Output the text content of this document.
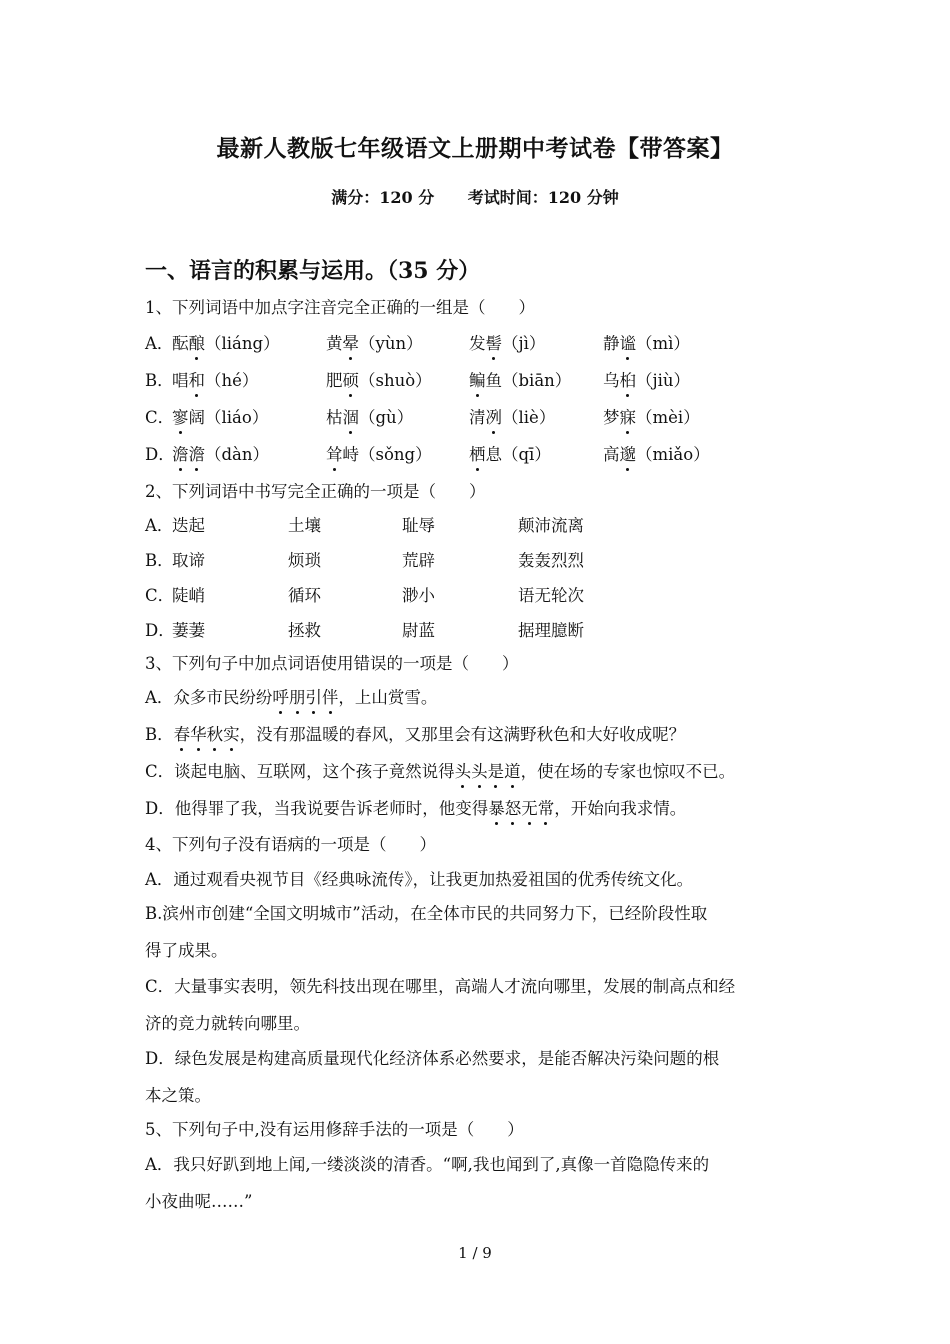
最新人教版七年级语文上册期中考试卷【带答案】
满分：120 分 考试时间：120 分钟
一、语言的积累与运用。（35 分）
1、下列词语中加点字注音完全正确的一组是（　　）
A．
酝酿（liáng）	黄晕（yùn）	发髻（jì）	静谧（mì）
B．
唱和（hé）	肥硕（shuò） 鳊鱼（biān） 乌桕（jiù）
C．
寥阔（liáo）	枯涸（gù）	清冽（liè）	梦寐（mèi）
D．
澹澹（dàn）	耸峙（sǒng） 栖息（qī）	高邈（miǎo）
2、下列词语中书写完全正确的一项是（　　）
A．
迭起	土壤	耻辱	颠沛流离
B．
取谛	烦琐	荒辟	轰轰烈烈
C．
陡峭	循环	渺小	语无轮次
D．
萋萋	拯救	尉蓝	据理臆断
3、下列句子中加点词语使用错误的一项是（　　）
A．众多市民纷纷呼朋引伴，上山赏雪。
B．春华秋实，没有那温暖的春风，又那里会有这满野秋色和大好收成呢？
C．谈起电脑、互联网，这个孩子竟然说得头头是道，使在场的专家也惊叹不已。
D．他得罪了我，当我说要告诉老师时，他变得暴怒无常，开始向我求情。
4、下列句子没有语病的一项是（　　）
A．通过观看央视节目《经典咏流传》，让我更加热爱祖国的优秀传统文化。
B.滨州市创建“全国文明城市”活动，在全体市民的共同努力下，已经阶段性取
得了成果。
C．大量事实表明，领先科技出现在哪里，高端人才流向哪里，发展的制高点和经
济的竞力就转向哪里。
D．绿色发展是构建高质量现代化经济体系必然要求，是能否解决污染问题的根
本之策。
5、下列句子中,没有运用修辞手法的一项是（　　）
A．我只好趴到地上闻,一缕淡淡的清香。“啊,我也闻到了,真像一首隐隐传来的
小夜曲呢……”
1 / 9
